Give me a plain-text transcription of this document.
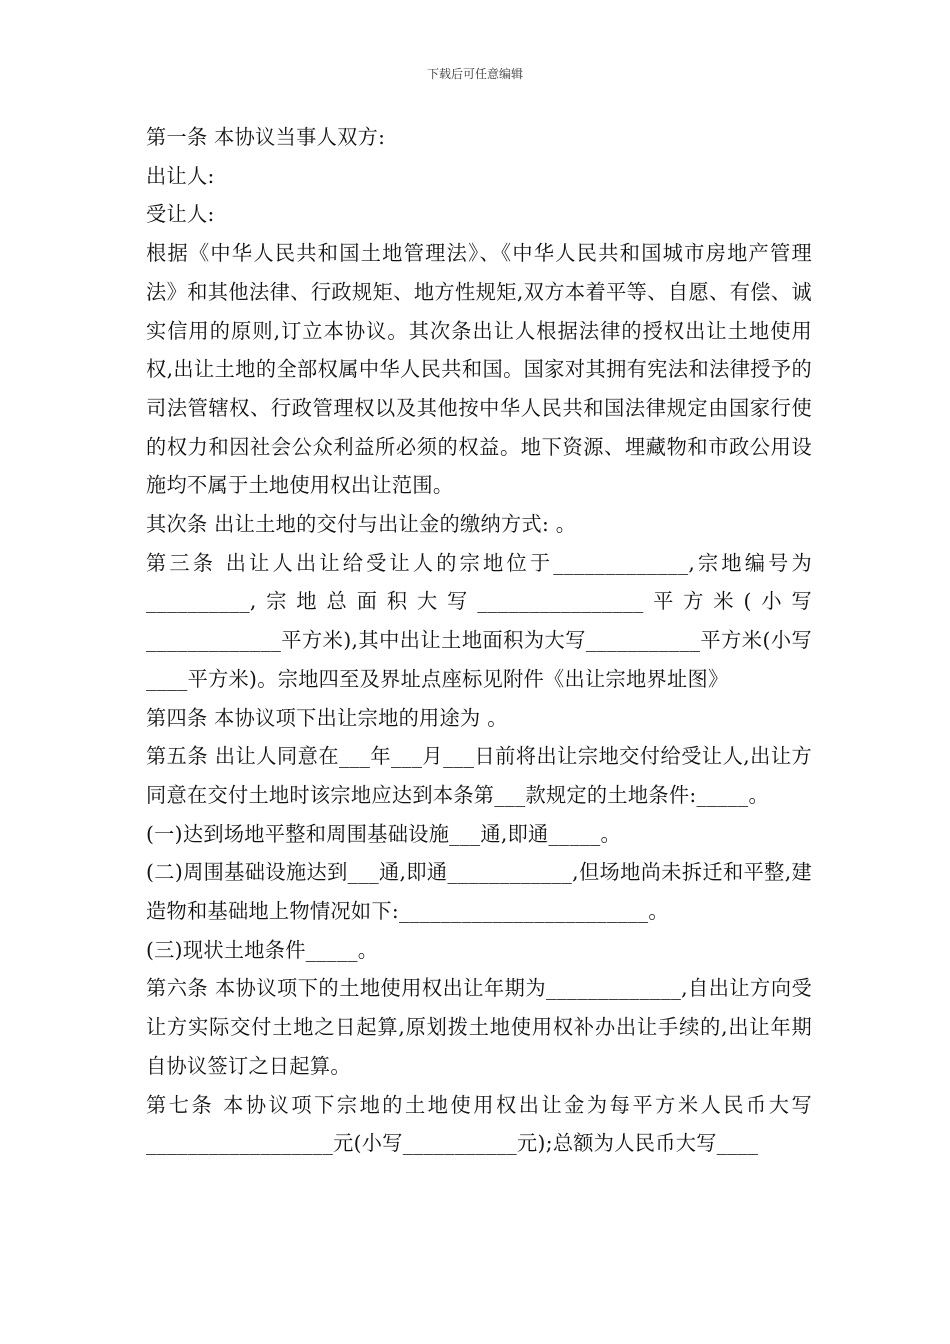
下载后可任意编辑

第一条 本协议当事人双方:

出让人:

受让人:

根据《中华人民共和国土地管理法》、《中华人民共和国城市房地产管理法》和其他法律、行政规矩、地方性规矩,双方本着平等、自愿、有偿、诚实信用的原则,订立本协议。其次条出让人根据法律的授权出让土地使用权,出让土地的全部权属中华人民共和国。国家对其拥有宪法和法律授予的司法管辖权、行政管理权以及其他按中华人民共和国法律规定由国家行使的权力和因社会公众利益所必须的权益。地下资源、埋藏物和市政公用设施均不属于土地使用权出让范围。

其次条 出让土地的交付与出让金的缴纳方式: 。

第三条 出让人出让给受让人的宗地位于_____________,宗地编号为__________,宗地总面积大写________________平方米(小写_____________平方米),其中出让土地面积为大写___________平方米(小写____平方米)。宗地四至及界址点座标见附件《出让宗地界址图》

第四条 本协议项下出让宗地的用途为 。

第五条 出让人同意在___年___月___日前将出让宗地交付给受让人,出让方同意在交付土地时该宗地应达到本条第___款规定的土地条件:_____。

(一)达到场地平整和周围基础设施___通,即通_____。

(二)周围基础设施达到___通,即通____________,但场地尚未拆迁和平整,建造物和基础地上物情况如下:________________________。

(三)现状土地条件_____。

第六条 本协议项下的土地使用权出让年期为_____________,自出让方向受让方实际交付土地之日起算,原划拨土地使用权补办出让手续的,出让年期自协议签订之日起算。

第七条 本协议项下宗地的土地使用权出让金为每平方米人民币大写__________________元(小写___________元);总额为人民币大写____
